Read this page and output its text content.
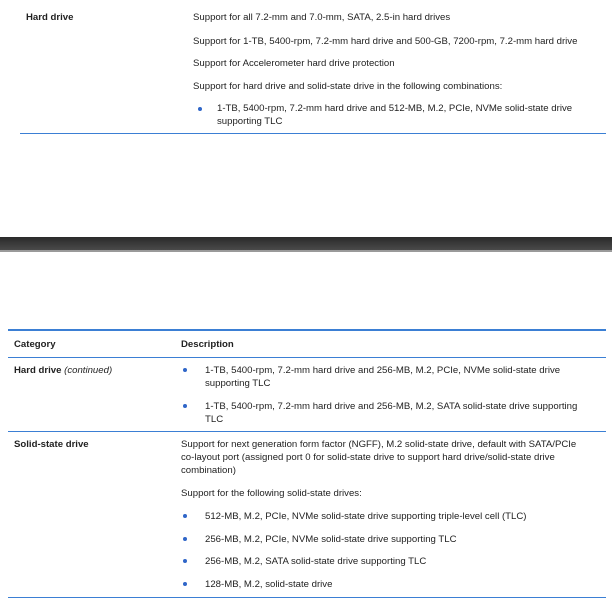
Hard drive	Support for all 7.2-mm and 7.0-mm, SATA, 2.5-in hard drives
Support for 1-TB, 5400-rpm, 7.2-mm hard drive and 500-GB, 7200-rpm, 7.2-mm hard drive
Support for Accelerometer hard drive protection
Support for hard drive and solid-state drive in the following combinations:
1-TB, 5400-rpm, 7.2-mm hard drive and 512-MB, M.2, PCIe, NVMe solid-state drive supporting TLC
Category	Description
Hard drive (continued)	1-TB, 5400-rpm, 7.2-mm hard drive and 256-MB, M.2, PCIe, NVMe solid-state drive supporting TLC
1-TB, 5400-rpm, 7.2-mm hard drive and 256-MB, M.2, SATA solid-state drive supporting TLC
Solid-state drive	Support for next generation form factor (NGFF), M.2 solid-state drive, default with SATA/PCIe co-layout port (assigned port 0 for solid-state drive to support hard drive/solid-state drive combination)
Support for the following solid-state drives:
512-MB, M.2, PCIe, NVMe solid-state drive supporting triple-level cell (TLC)
256-MB, M.2, PCIe, NVMe solid-state drive supporting TLC
256-MB, M.2, SATA solid-state drive supporting TLC
128-MB, M.2, solid-state drive
